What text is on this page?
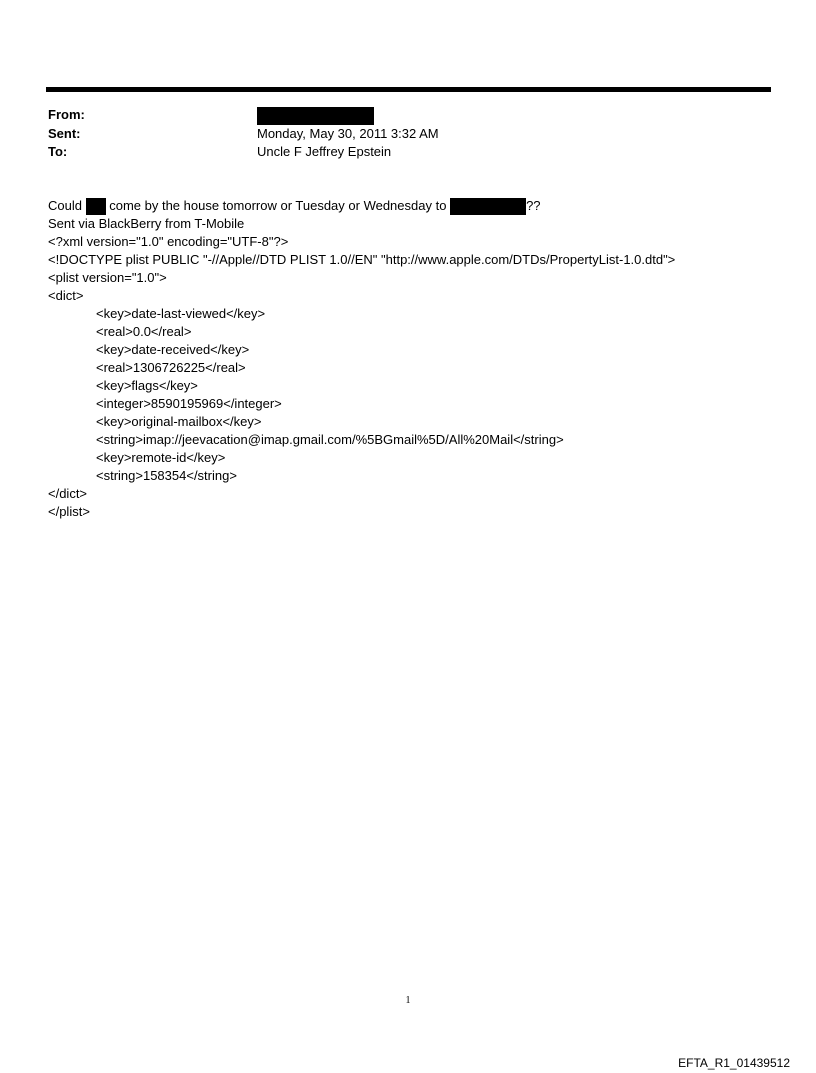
From:
Sent:	Monday, May 30, 2011 3:32 AM
To:	Uncle F Jeffrey Epstein
Could come by the house tomorrow or Tuesday or Wednesday to	??
Sent via BlackBerry from T-Mobile
<?xml version="1.0" encoding="UTF-8"?>
<!DOCTYPE plist PUBLIC "-//Apple//DTD PLIST 1.0//EN" "http://www.apple.com/DTDs/PropertyList-1.0.dtd">
<plist version="1.0">
<dict>
<key>date-last-viewed</key>
<real>0.0</real>
<key>date-received</key>
<real>1306726225</real>
<key>flags</key>
<integer>8590195969</integer>
<key>original-mailbox</key>
<string>imap://jeevacation@imap.gmail.com/%5BGmail%5D/All%20Mail</string>
<key>remote-id</key>
<string>158354</string>
</dict>
</plist>
1
EFTA_R1_01439512
